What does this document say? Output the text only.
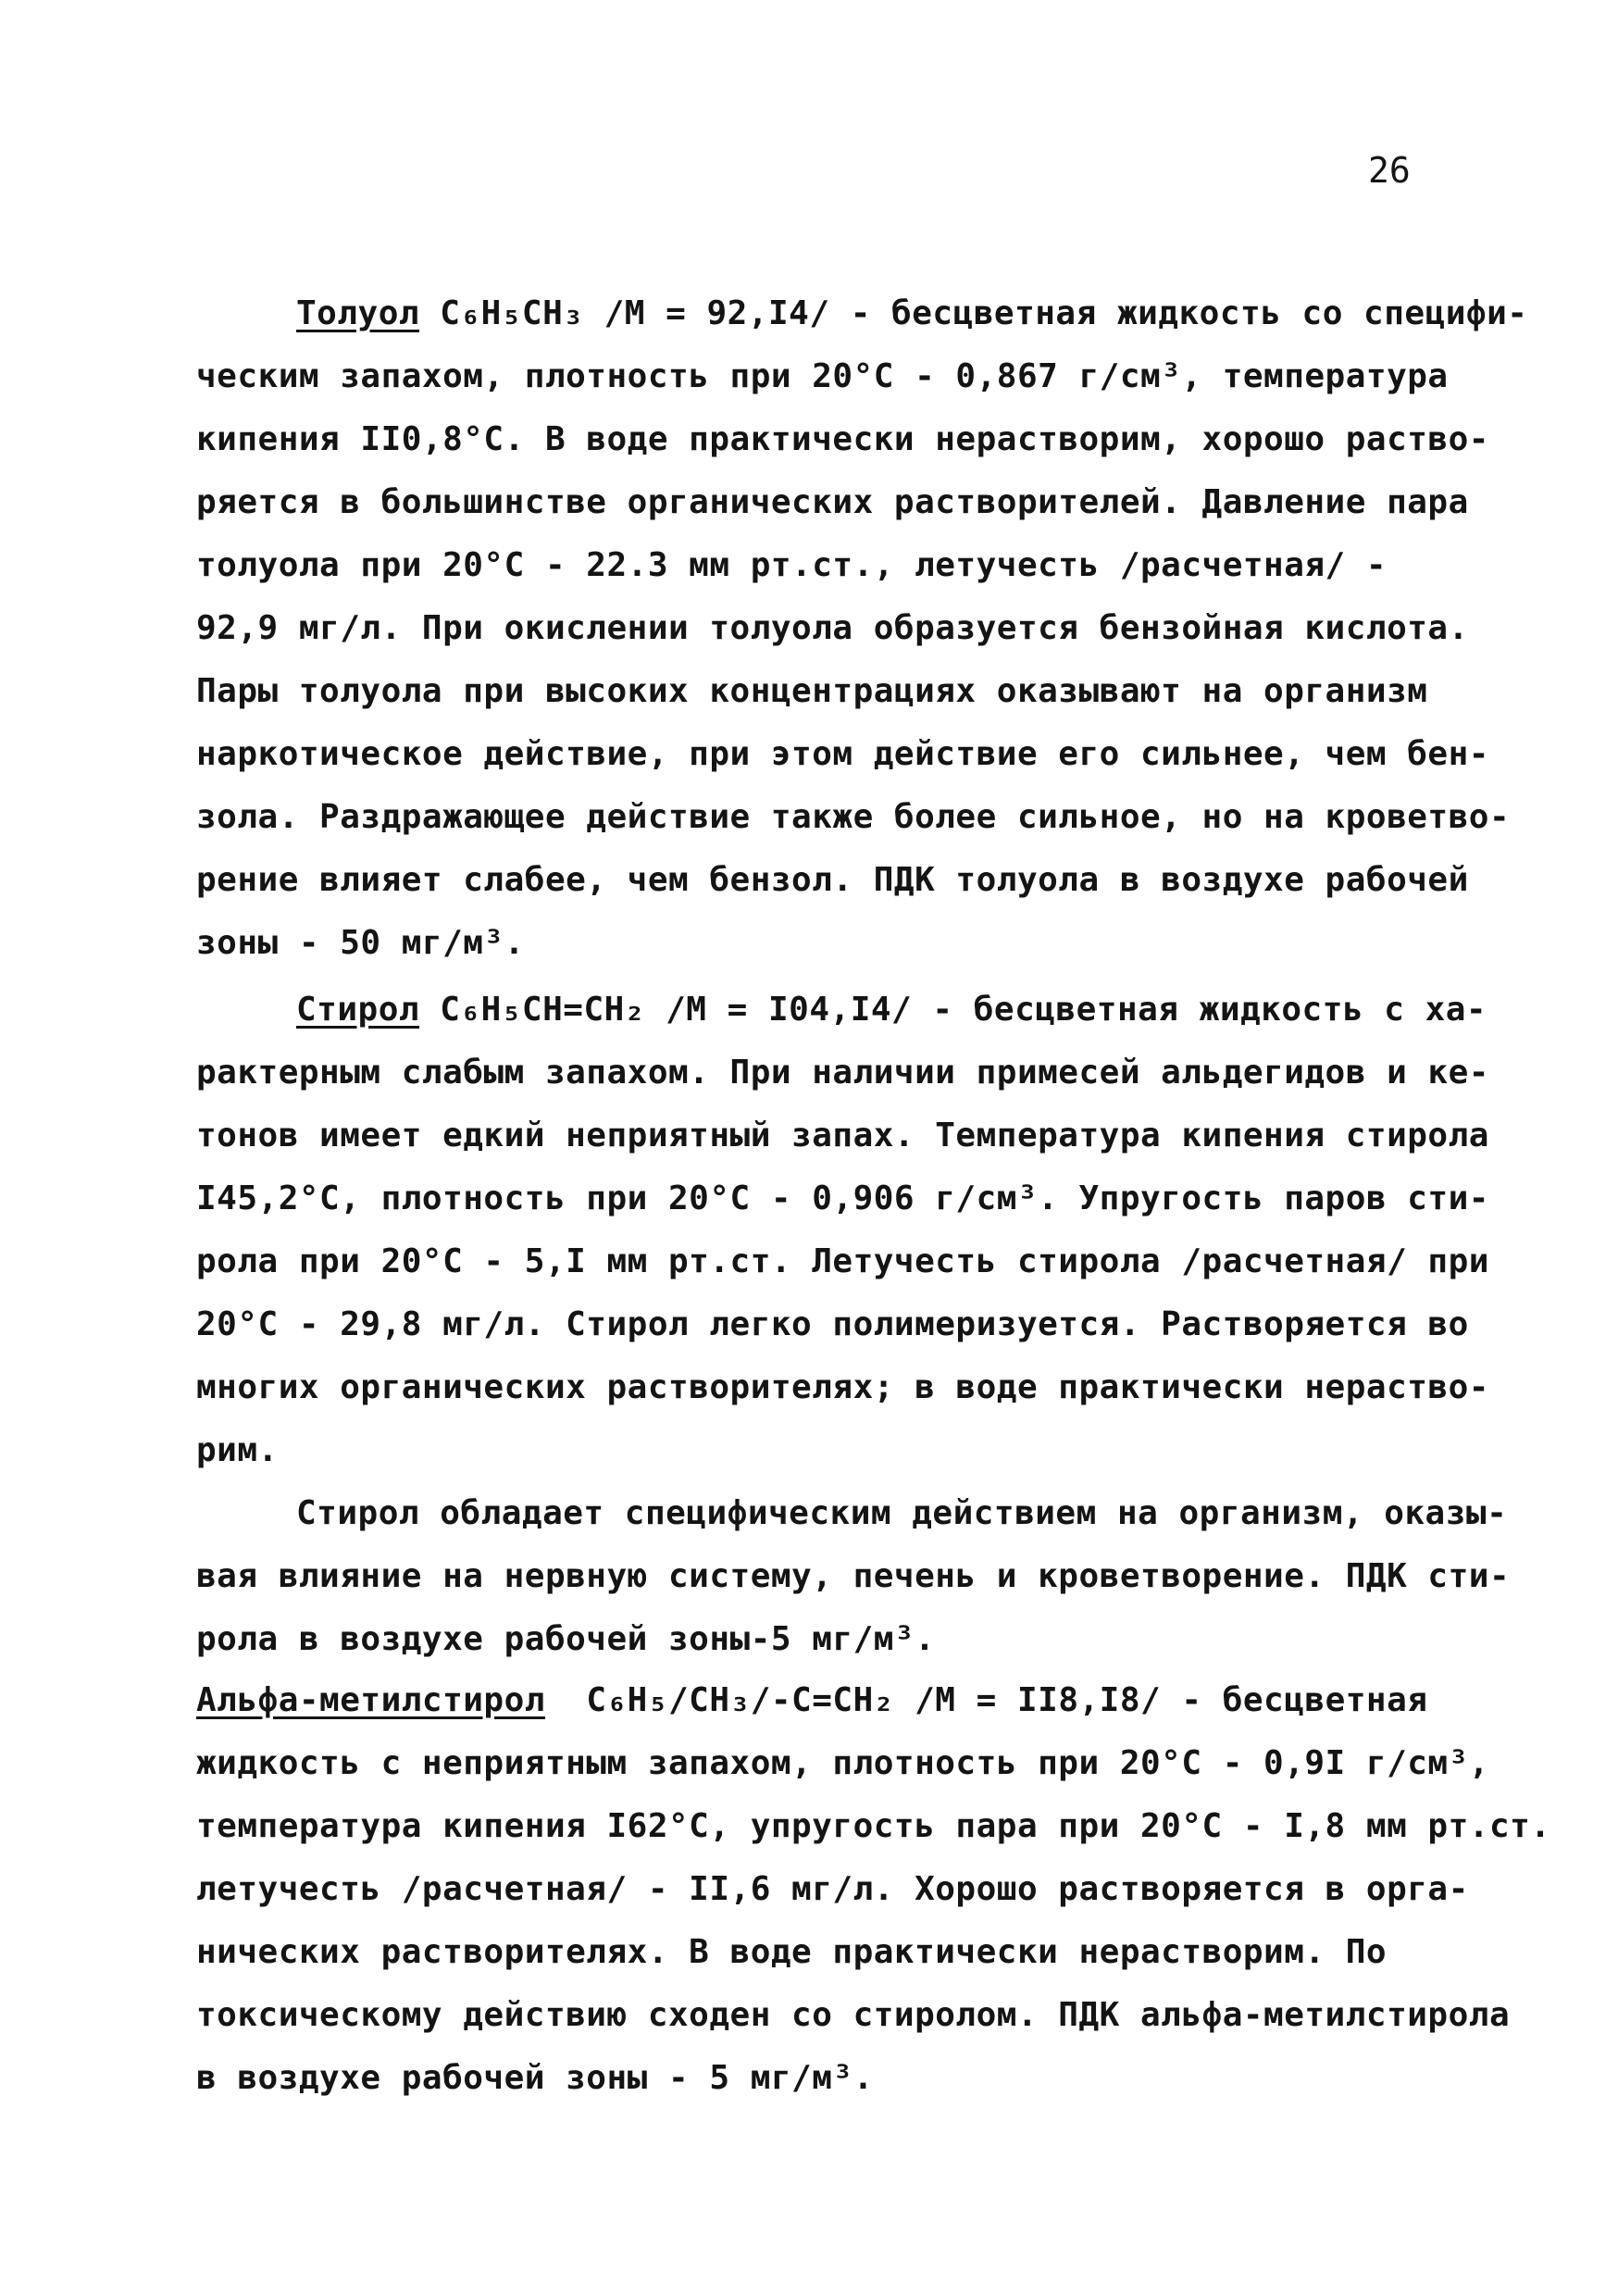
26
Толуол C₆H₅CH₃ /M = 92,I4/ - бесцветная жидкость со специфи-
ческим запахом, плотность при 20°C - 0,867 г/см³, температура
кипения II0,8°C. В воде практически нерастворим, хорошо раство-
ряется в большинстве органических растворителей. Давление пара
толуола при 20°C - 22.3 мм рт.ст., летучесть /расчетная/ -
92,9 мг/л. При окислении толуола образуется бензойная кислота.
Пары толуола при высоких концентрациях оказывают на организм
наркотическое действие, при этом действие его сильнее, чем бен-
зола. Раздражающее действие также более сильное, но на кроветво-
рение влияет слабее, чем бензол. ПДК толуола в воздухе рабочей
зоны - 50 мг/м³.
Стирол C₆H₅CH=CH₂ /M = I04,I4/ - бесцветная жидкость с ха-
рактерным слабым запахом. При наличии примесей альдегидов и ке-
тонов имеет едкий неприятный запах. Температура кипения стирола
I45,2°C, плотность при 20°C - 0,906 г/см³. Упругость паров сти-
рола при 20°C - 5,I мм рт.ст. Летучесть стирола /расчетная/ при
20°C - 29,8 мг/л. Стирол легко полимеризуется. Растворяется во
многих органических растворителях; в воде практически нераство-
рим.
Стирол обладает специфическим действием на организм, оказы-
вая влияние на нервную систему, печень и кроветворение. ПДК сти-
рола в воздухе рабочей зоны-5 мг/м³.
Альфа-метилстирол  C₆H₅/CH₃/-C=CH₂ /M = II8,I8/ - бесцветная
жидкость с неприятным запахом, плотность при 20°C - 0,9I г/см³,
температура кипения I62°C, упругость пара при 20°C - I,8 мм рт.ст.
летучесть /расчетная/ - II,6 мг/л. Хорошо растворяется в орга-
нических растворителях. В воде практически нерастворим. По
токсическому действию сходен со стиролом. ПДК альфа-метилстирола
в воздухе рабочей зоны - 5 мг/м³.
